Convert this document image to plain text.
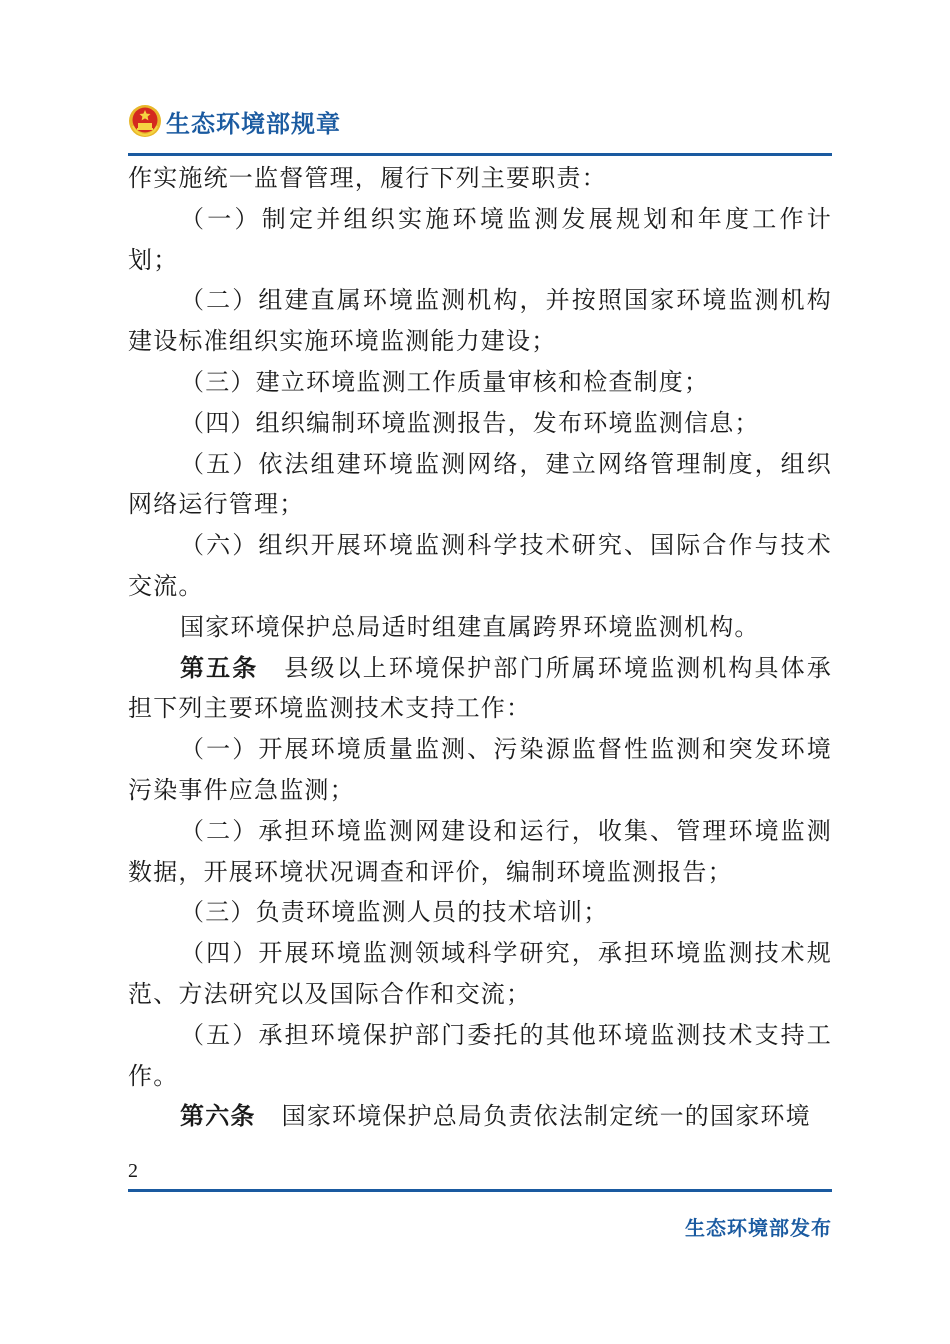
生态环境部规章

作实施统一监督管理，履行下列主要职责：

（一）制定并组织实施环境监测发展规划和年度工作计划；

（二）组建直属环境监测机构，并按照国家环境监测机构建设标准组织实施环境监测能力建设；

（三）建立环境监测工作质量审核和检查制度；

（四）组织编制环境监测报告，发布环境监测信息；

（五）依法组建环境监测网络，建立网络管理制度，组织网络运行管理；

（六）组织开展环境监测科学技术研究、国际合作与技术交流。

国家环境保护总局适时组建直属跨界环境监测机构。

第五条 县级以上环境保护部门所属环境监测机构具体承担下列主要环境监测技术支持工作：

（一）开展环境质量监测、污染源监督性监测和突发环境污染事件应急监测；

（二）承担环境监测网建设和运行，收集、管理环境监测数据，开展环境状况调查和评价，编制环境监测报告；

（三）负责环境监测人员的技术培训；

（四）开展环境监测领域科学研究，承担环境监测技术规范、方法研究以及国际合作和交流；

（五）承担环境保护部门委托的其他环境监测技术支持工作。

第六条 国家环境保护总局负责依法制定统一的国家环境

2
生态环境部发布
